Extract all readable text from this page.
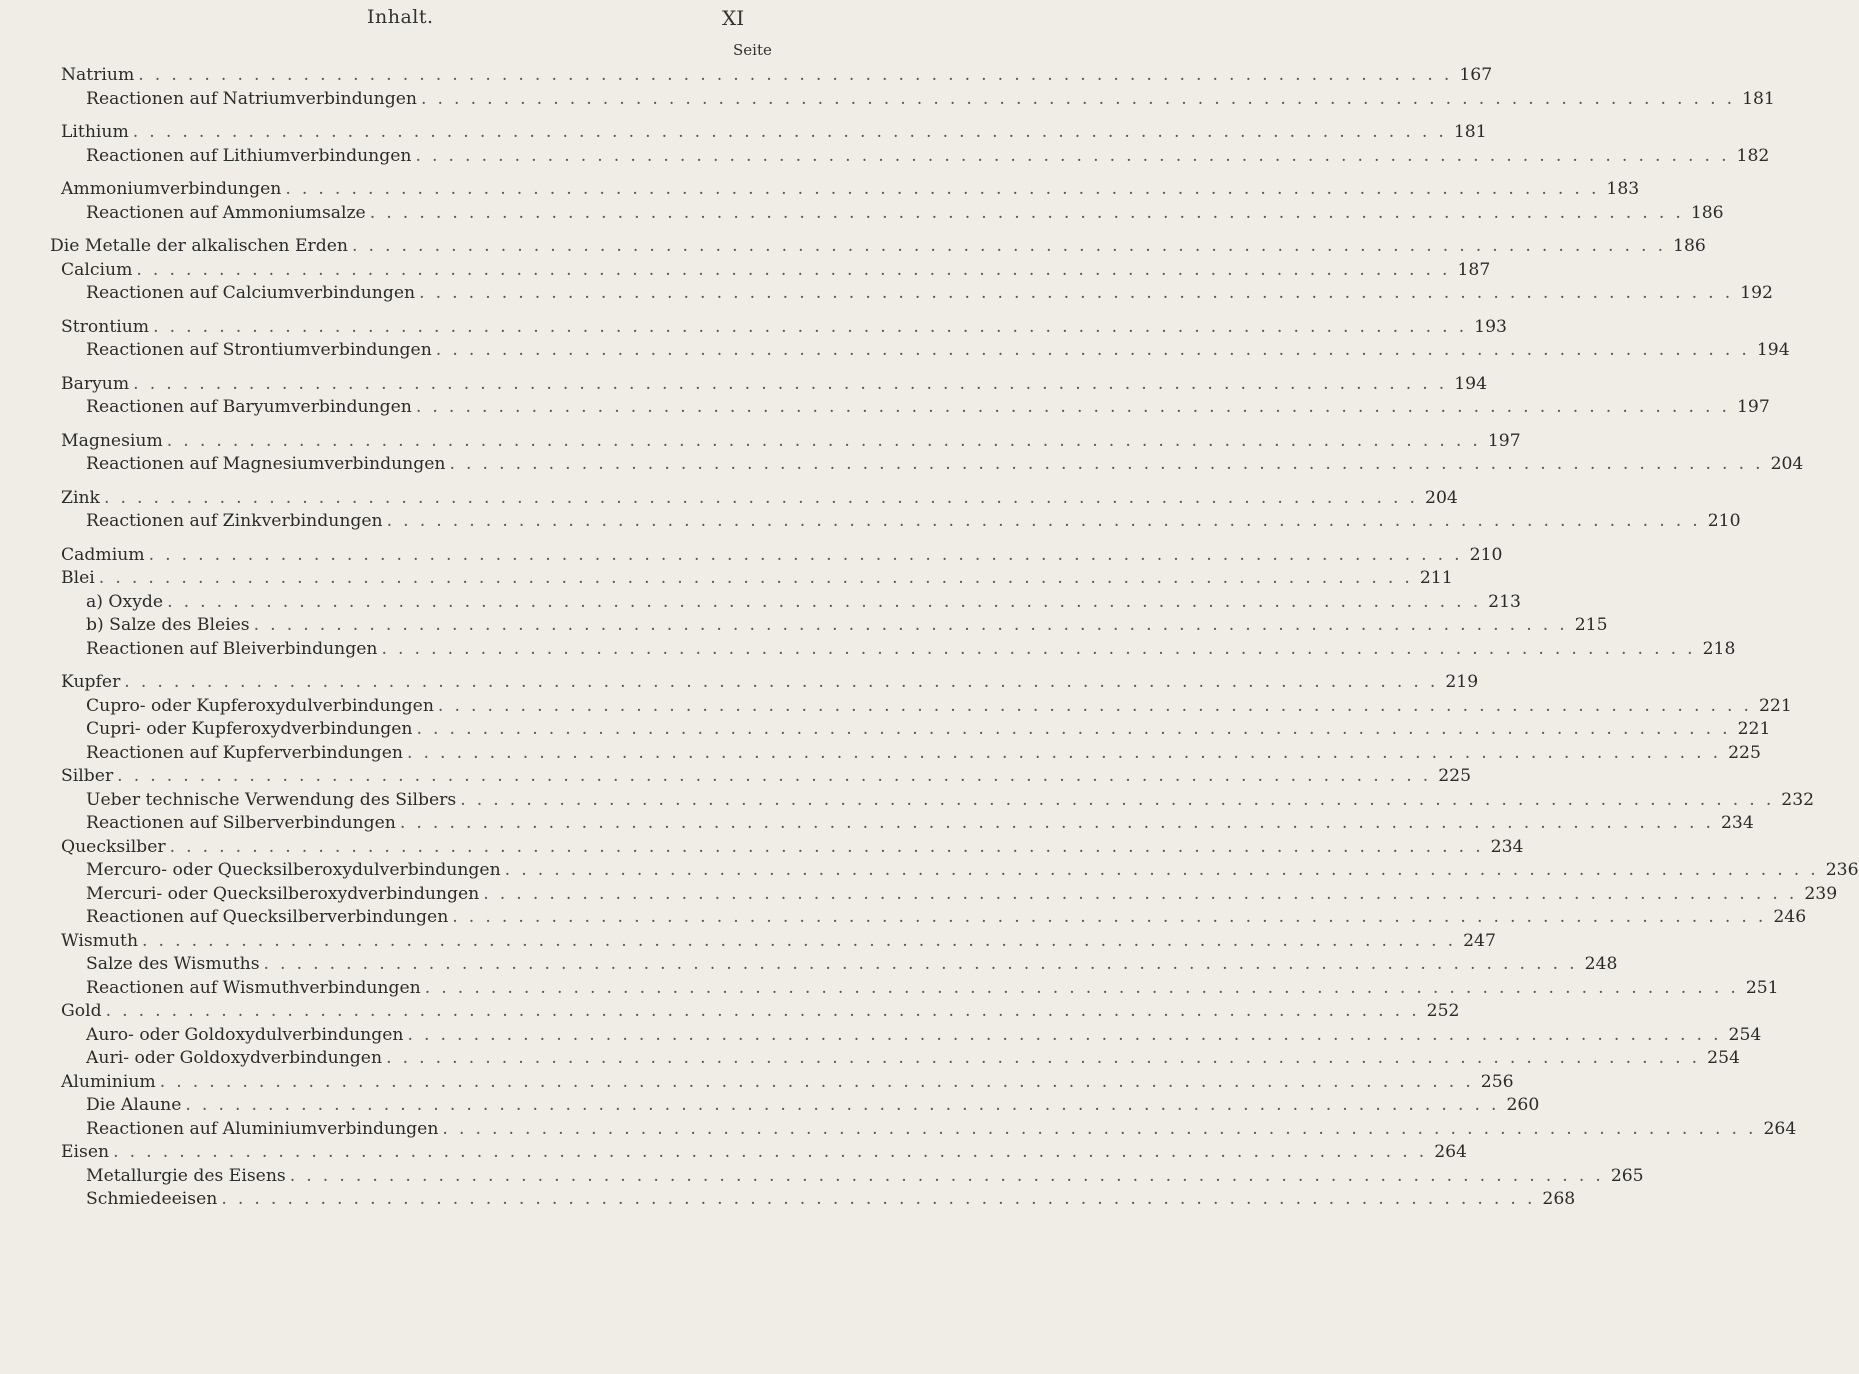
Inhalt.	XI
Seite
Natrium . . . . . . . . . . . . . . . . . . . . . . . . . . . . . . . . . . . . . . . . . . . . . . . . . . . . . . . . . . . . . . . . . . . . . . . . . . . . . . . . 167
Reactionen auf Natriumverbindungen . . . . . . . . . . . . . . . . . . . . . . . . . . . . . . . . . . . . . . . . . . . . . . . . . . . . . . . . . . . . . . . . . . . . . . . . . . . . . . . . 181
Lithium . . . . . . . . . . . . . . . . . . . . . . . . . . . . . . . . . . . . . . . . . . . . . . . . . . . . . . . . . . . . . . . . . . . . . . . . . . . . . . . . 181
Reactionen auf Lithiumverbindungen . . . . . . . . . . . . . . . . . . . . . . . . . . . . . . . . . . . . . . . . . . . . . . . . . . . . . . . . . . . . . . . . . . . . . . . . . . . . . . . . 182
Ammoniumverbindungen . . . . . . . . . . . . . . . . . . . . . . . . . . . . . . . . . . . . . . . . . . . . . . . . . . . . . . . . . . . . . . . . . . . . . . . . . . . . . . . . 183
Reactionen auf Ammoniumsalze . . . . . . . . . . . . . . . . . . . . . . . . . . . . . . . . . . . . . . . . . . . . . . . . . . . . . . . . . . . . . . . . . . . . . . . . . . . . . . . . 186
Die Metalle der alkalischen Erden . . . . . . . . . . . . . . . . . . . . . . . . . . . . . . . . . . . . . . . . . . . . . . . . . . . . . . . . . . . . . . . . . . . . . . . . . . . . . . . . 186
Calcium . . . . . . . . . . . . . . . . . . . . . . . . . . . . . . . . . . . . . . . . . . . . . . . . . . . . . . . . . . . . . . . . . . . . . . . . . . . . . . . . 187
Reactionen auf Calciumverbindungen . . . . . . . . . . . . . . . . . . . . . . . . . . . . . . . . . . . . . . . . . . . . . . . . . . . . . . . . . . . . . . . . . . . . . . . . . . . . . . . . 192
Strontium . . . . . . . . . . . . . . . . . . . . . . . . . . . . . . . . . . . . . . . . . . . . . . . . . . . . . . . . . . . . . . . . . . . . . . . . . . . . . . . . 193
Reactionen auf Strontiumverbindungen . . . . . . . . . . . . . . . . . . . . . . . . . . . . . . . . . . . . . . . . . . . . . . . . . . . . . . . . . . . . . . . . . . . . . . . . . . . . . . . . 194
Baryum . . . . . . . . . . . . . . . . . . . . . . . . . . . . . . . . . . . . . . . . . . . . . . . . . . . . . . . . . . . . . . . . . . . . . . . . . . . . . . . . 194
Reactionen auf Baryumverbindungen . . . . . . . . . . . . . . . . . . . . . . . . . . . . . . . . . . . . . . . . . . . . . . . . . . . . . . . . . . . . . . . . . . . . . . . . . . . . . . . . 197
Magnesium . . . . . . . . . . . . . . . . . . . . . . . . . . . . . . . . . . . . . . . . . . . . . . . . . . . . . . . . . . . . . . . . . . . . . . . . . . . . . . . . 197
Reactionen auf Magnesiumverbindungen . . . . . . . . . . . . . . . . . . . . . . . . . . . . . . . . . . . . . . . . . . . . . . . . . . . . . . . . . . . . . . . . . . . . . . . . . . . . . . . . 204
Zink . . . . . . . . . . . . . . . . . . . . . . . . . . . . . . . . . . . . . . . . . . . . . . . . . . . . . . . . . . . . . . . . . . . . . . . . . . . . . . . . 204
Reactionen auf Zinkverbindungen . . . . . . . . . . . . . . . . . . . . . . . . . . . . . . . . . . . . . . . . . . . . . . . . . . . . . . . . . . . . . . . . . . . . . . . . . . . . . . . . 210
Cadmium . . . . . . . . . . . . . . . . . . . . . . . . . . . . . . . . . . . . . . . . . . . . . . . . . . . . . . . . . . . . . . . . . . . . . . . . . . . . . . . . 210
Blei . . . . . . . . . . . . . . . . . . . . . . . . . . . . . . . . . . . . . . . . . . . . . . . . . . . . . . . . . . . . . . . . . . . . . . . . . . . . . . . . 211
a) Oxyde . . . . . . . . . . . . . . . . . . . . . . . . . . . . . . . . . . . . . . . . . . . . . . . . . . . . . . . . . . . . . . . . . . . . . . . . . . . . . . . . 213
b) Salze des Bleies . . . . . . . . . . . . . . . . . . . . . . . . . . . . . . . . . . . . . . . . . . . . . . . . . . . . . . . . . . . . . . . . . . . . . . . . . . . . . . . . 215
Reactionen auf Bleiverbindungen . . . . . . . . . . . . . . . . . . . . . . . . . . . . . . . . . . . . . . . . . . . . . . . . . . . . . . . . . . . . . . . . . . . . . . . . . . . . . . . . 218
Kupfer . . . . . . . . . . . . . . . . . . . . . . . . . . . . . . . . . . . . . . . . . . . . . . . . . . . . . . . . . . . . . . . . . . . . . . . . . . . . . . . . 219
Cupro- oder Kupferoxydulverbindungen . . . . . . . . . . . . . . . . . . . . . . . . . . . . . . . . . . . . . . . . . . . . . . . . . . . . . . . . . . . . . . . . . . . . . . . . . . . . . . . . 221
Cupri- oder Kupferoxydverbindungen . . . . . . . . . . . . . . . . . . . . . . . . . . . . . . . . . . . . . . . . . . . . . . . . . . . . . . . . . . . . . . . . . . . . . . . . . . . . . . . . 221
Reactionen auf Kupferverbindungen . . . . . . . . . . . . . . . . . . . . . . . . . . . . . . . . . . . . . . . . . . . . . . . . . . . . . . . . . . . . . . . . . . . . . . . . . . . . . . . . 225
Silber . . . . . . . . . . . . . . . . . . . . . . . . . . . . . . . . . . . . . . . . . . . . . . . . . . . . . . . . . . . . . . . . . . . . . . . . . . . . . . . . 225
Ueber technische Verwendung des Silbers . . . . . . . . . . . . . . . . . . . . . . . . . . . . . . . . . . . . . . . . . . . . . . . . . . . . . . . . . . . . . . . . . . . . . . . . . . . . . . . . 232
Reactionen auf Silberverbindungen . . . . . . . . . . . . . . . . . . . . . . . . . . . . . . . . . . . . . . . . . . . . . . . . . . . . . . . . . . . . . . . . . . . . . . . . . . . . . . . . 234
Quecksilber . . . . . . . . . . . . . . . . . . . . . . . . . . . . . . . . . . . . . . . . . . . . . . . . . . . . . . . . . . . . . . . . . . . . . . . . . . . . . . . . 234
Mercuro- oder Quecksilberoxydulverbindungen . . . . . . . . . . . . . . . . . . . . . . . . . . . . . . . . . . . . . . . . . . . . . . . . . . . . . . . . . . . . . . . . . . . . . . . . . . . . . . . . 236
Mercuri- oder Quecksilberoxydverbindungen . . . . . . . . . . . . . . . . . . . . . . . . . . . . . . . . . . . . . . . . . . . . . . . . . . . . . . . . . . . . . . . . . . . . . . . . . . . . . . . . 239
Reactionen auf Quecksilberverbindungen . . . . . . . . . . . . . . . . . . . . . . . . . . . . . . . . . . . . . . . . . . . . . . . . . . . . . . . . . . . . . . . . . . . . . . . . . . . . . . . . 246
Wismuth . . . . . . . . . . . . . . . . . . . . . . . . . . . . . . . . . . . . . . . . . . . . . . . . . . . . . . . . . . . . . . . . . . . . . . . . . . . . . . . . 247
Salze des Wismuths . . . . . . . . . . . . . . . . . . . . . . . . . . . . . . . . . . . . . . . . . . . . . . . . . . . . . . . . . . . . . . . . . . . . . . . . . . . . . . . . 248
Reactionen auf Wismuthverbindungen . . . . . . . . . . . . . . . . . . . . . . . . . . . . . . . . . . . . . . . . . . . . . . . . . . . . . . . . . . . . . . . . . . . . . . . . . . . . . . . . 251
Gold . . . . . . . . . . . . . . . . . . . . . . . . . . . . . . . . . . . . . . . . . . . . . . . . . . . . . . . . . . . . . . . . . . . . . . . . . . . . . . . . 252
Auro- oder Goldoxydulverbindungen . . . . . . . . . . . . . . . . . . . . . . . . . . . . . . . . . . . . . . . . . . . . . . . . . . . . . . . . . . . . . . . . . . . . . . . . . . . . . . . . 254
Auri- oder Goldoxydverbindungen . . . . . . . . . . . . . . . . . . . . . . . . . . . . . . . . . . . . . . . . . . . . . . . . . . . . . . . . . . . . . . . . . . . . . . . . . . . . . . . . 254
Aluminium . . . . . . . . . . . . . . . . . . . . . . . . . . . . . . . . . . . . . . . . . . . . . . . . . . . . . . . . . . . . . . . . . . . . . . . . . . . . . . . . 256
Die Alaune . . . . . . . . . . . . . . . . . . . . . . . . . . . . . . . . . . . . . . . . . . . . . . . . . . . . . . . . . . . . . . . . . . . . . . . . . . . . . . . . 260
Reactionen auf Aluminiumverbindungen . . . . . . . . . . . . . . . . . . . . . . . . . . . . . . . . . . . . . . . . . . . . . . . . . . . . . . . . . . . . . . . . . . . . . . . . . . . . . . . . 264
Eisen . . . . . . . . . . . . . . . . . . . . . . . . . . . . . . . . . . . . . . . . . . . . . . . . . . . . . . . . . . . . . . . . . . . . . . . . . . . . . . . . 264
Metallurgie des Eisens . . . . . . . . . . . . . . . . . . . . . . . . . . . . . . . . . . . . . . . . . . . . . . . . . . . . . . . . . . . . . . . . . . . . . . . . . . . . . . . . 265
Schmiedeeisen . . . . . . . . . . . . . . . . . . . . . . . . . . . . . . . . . . . . . . . . . . . . . . . . . . . . . . . . . . . . . . . . . . . . . . . . . . . . . . . . 268
